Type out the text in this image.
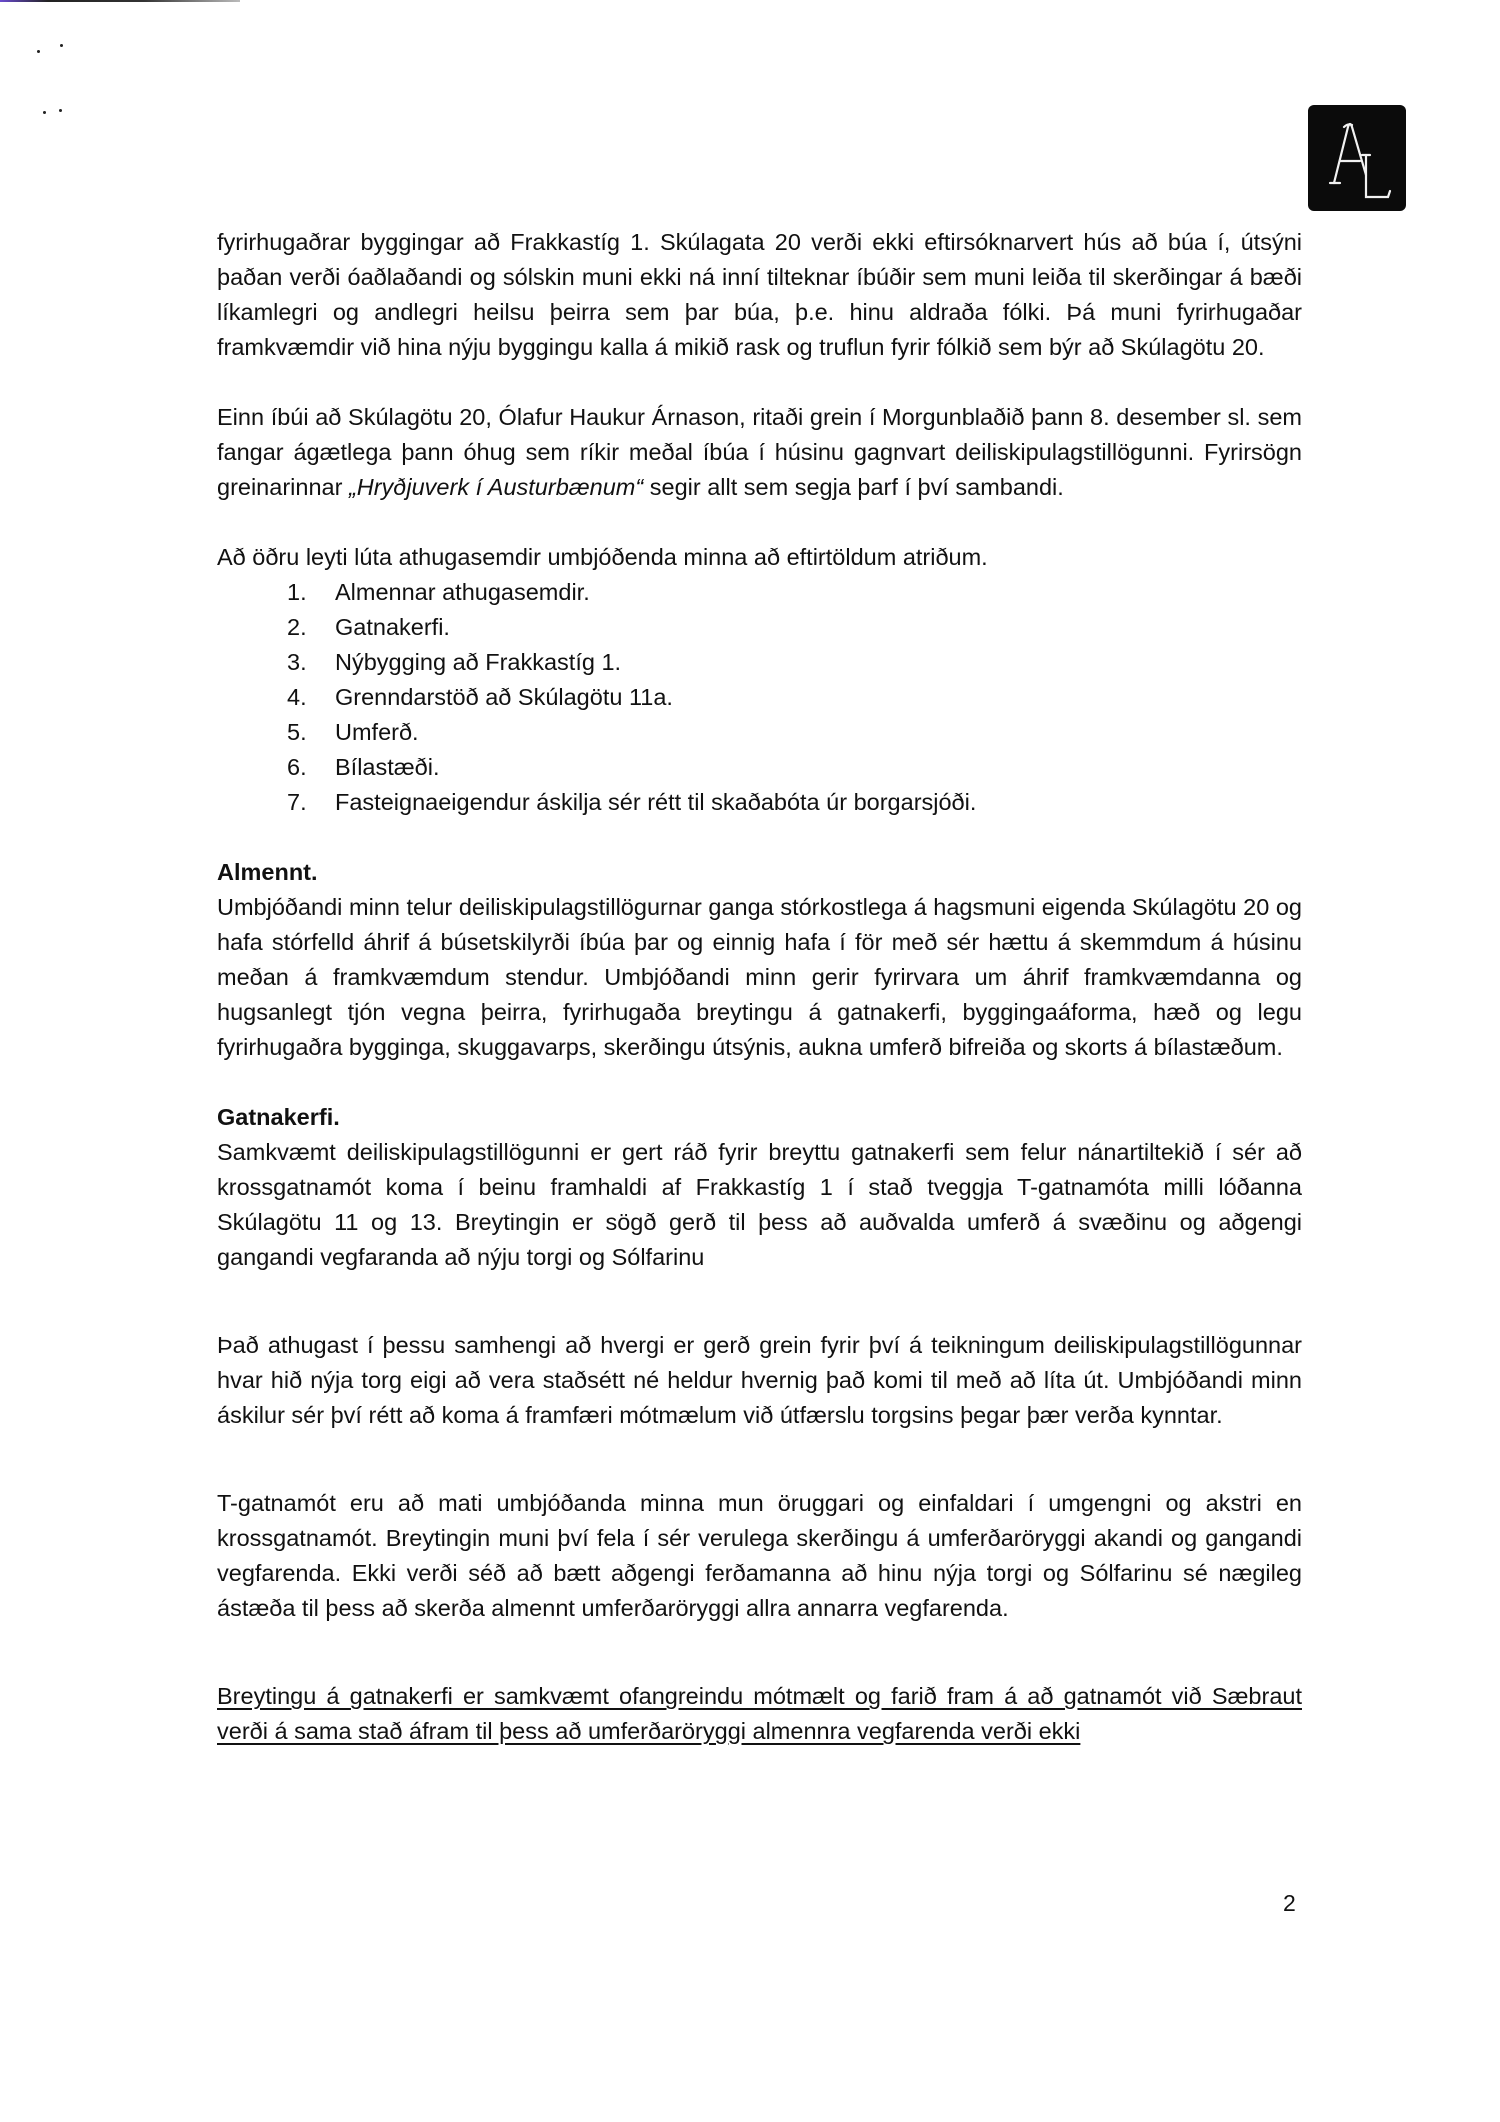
fyrirhugaðrar byggingar að Frakkastíg 1. Skúlagata 20 verði ekki eftirsóknarvert hús að búa í, útsýni þaðan verði óaðlaðandi og sólskin muni ekki ná inní tilteknar íbúðir sem muni leiða til skerðingar á bæði líkamlegri og andlegri heilsu þeirra sem þar búa, þ.e. hinu aldraða fólki. Þá muni fyrirhugaðar framkvæmdir við hina nýju byggingu kalla á mikið rask og truflun fyrir fólkið sem býr að Skúlagötu 20.

Einn íbúi að Skúlagötu 20, Ólafur Haukur Árnason, ritaði grein í Morgunblaðið þann 8. desember sl. sem fangar ágætlega þann óhug sem ríkir meðal íbúa í húsinu gagnvart deiliskipulagstillögunni. Fyrirsögn greinarinnar „Hryðjuverk í Austurbænum“ segir allt sem segja þarf í því sambandi.

Að öðru leyti lúta athugasemdir umbjóðenda minna að eftirtöldum atriðum.

1.	Almennar athugasemdir.
2.	Gatnakerfi.
3.	Nýbygging að Frakkastíg 1.
4.	Grenndarstöð að Skúlagötu 11a.
5.	Umferð.
6.	Bílastæði.
7.	Fasteignaeigendur áskilja sér rétt til skaðabóta úr borgarsjóði.

Almennt.

Umbjóðandi minn telur deiliskipulagstillögurnar ganga stórkostlega á hagsmuni eigenda Skúlagötu 20 og hafa stórfelld áhrif á búsetskilyrði íbúa þar og einnig hafa í för með sér hættu á skemmdum á húsinu meðan á framkvæmdum stendur. Umbjóðandi minn gerir fyrirvara um áhrif framkvæmdanna og hugsanlegt tjón vegna þeirra, fyrirhugaða breytingu á gatnakerfi, byggingaáforma, hæð og legu fyrirhugaðra bygginga, skuggavarps, skerðingu útsýnis, aukna umferð bifreiða og skorts á bílastæðum.

Gatnakerfi.

Samkvæmt deiliskipulagstillögunni er gert ráð fyrir breyttu gatnakerfi sem felur nánartiltekið í sér að krossgatnamót koma í beinu framhaldi af Frakkastíg 1 í stað tveggja T-gatnamóta milli lóðanna Skúlagötu 11 og 13. Breytingin er sögð gerð til þess að auðvalda umferð á svæðinu og aðgengi gangandi vegfaranda að nýju torgi og Sólfarinu

Það athugast í þessu samhengi að hvergi er gerð grein fyrir því á teikningum deiliskipulagstillögunnar hvar hið nýja torg eigi að vera staðsétt né heldur hvernig það komi til með að líta út. Umbjóðandi minn áskilur sér því rétt að koma á framfæri mótmælum við útfærslu torgsins þegar þær verða kynntar.

T-gatnamót eru að mati umbjóðanda minna mun öruggari og einfaldari í umgengni og akstri en krossgatnamót. Breytingin muni því fela í sér verulega skerðingu á umferðaröryggi akandi og gangandi vegfarenda. Ekki verði séð að bætt aðgengi ferðamanna að hinu nýja torgi og Sólfarinu sé nægileg ástæða til þess að skerða almennt umferðaröryggi allra annarra vegfarenda.

Breytingu á gatnakerfi er samkvæmt ofangreindu mótmælt og farið fram á að gatnamót við Sæbraut verði á sama stað áfram til þess að umferðaröryggi almennra vegfarenda verði ekki

2
